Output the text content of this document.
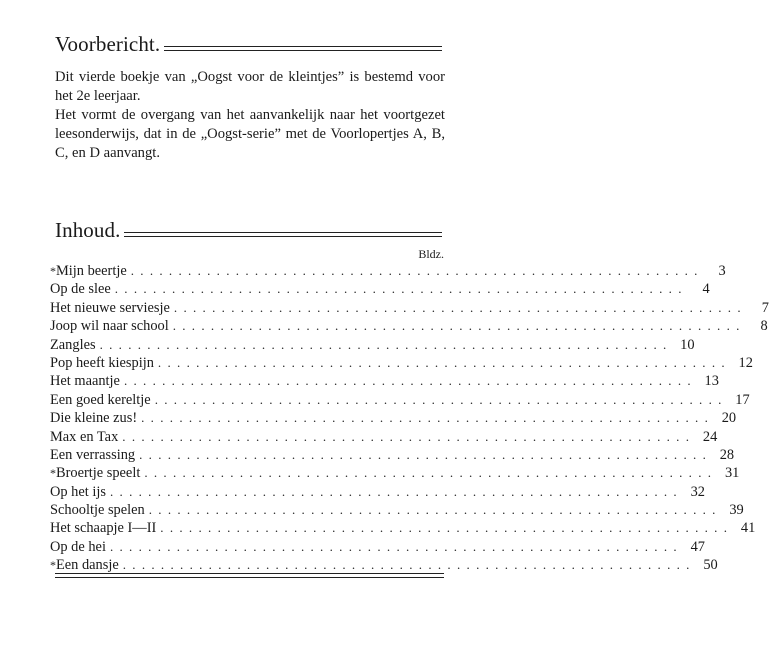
Voorbericht.

Dit vierde boekje van „Oogst voor de kleintjes” is bestemd voor het 2e leerjaar.

Het vormt de overgang van het aanvankelijk naar het voortgezet leesonderwijs, dat in de „Oogst-serie” met de Voorlopertjes A, B, C, en D aanvangt.

Inhoud.
Bldz.
* Mijn beertje ............................................................	3
Op de slee ............................................................	4
Het nieuwe serviesje ............................................................	7
Joop wil naar school ............................................................	8
Zangles ............................................................ 10
Pop heeft kiespijn ............................................................ 12
Het maantje ............................................................ 13
Een goed kereltje ............................................................ 17
Die kleine zus! ............................................................ 20
Max en Tax ............................................................ 24
Een verrassing ............................................................ 28
* Broertje speelt ............................................................ 31
Op het ijs ............................................................ 32
Schooltje spelen ............................................................ 39
Het schaapje I—II ............................................................ 41
Op de hei ............................................................ 47
* Een dansje ............................................................ 50
